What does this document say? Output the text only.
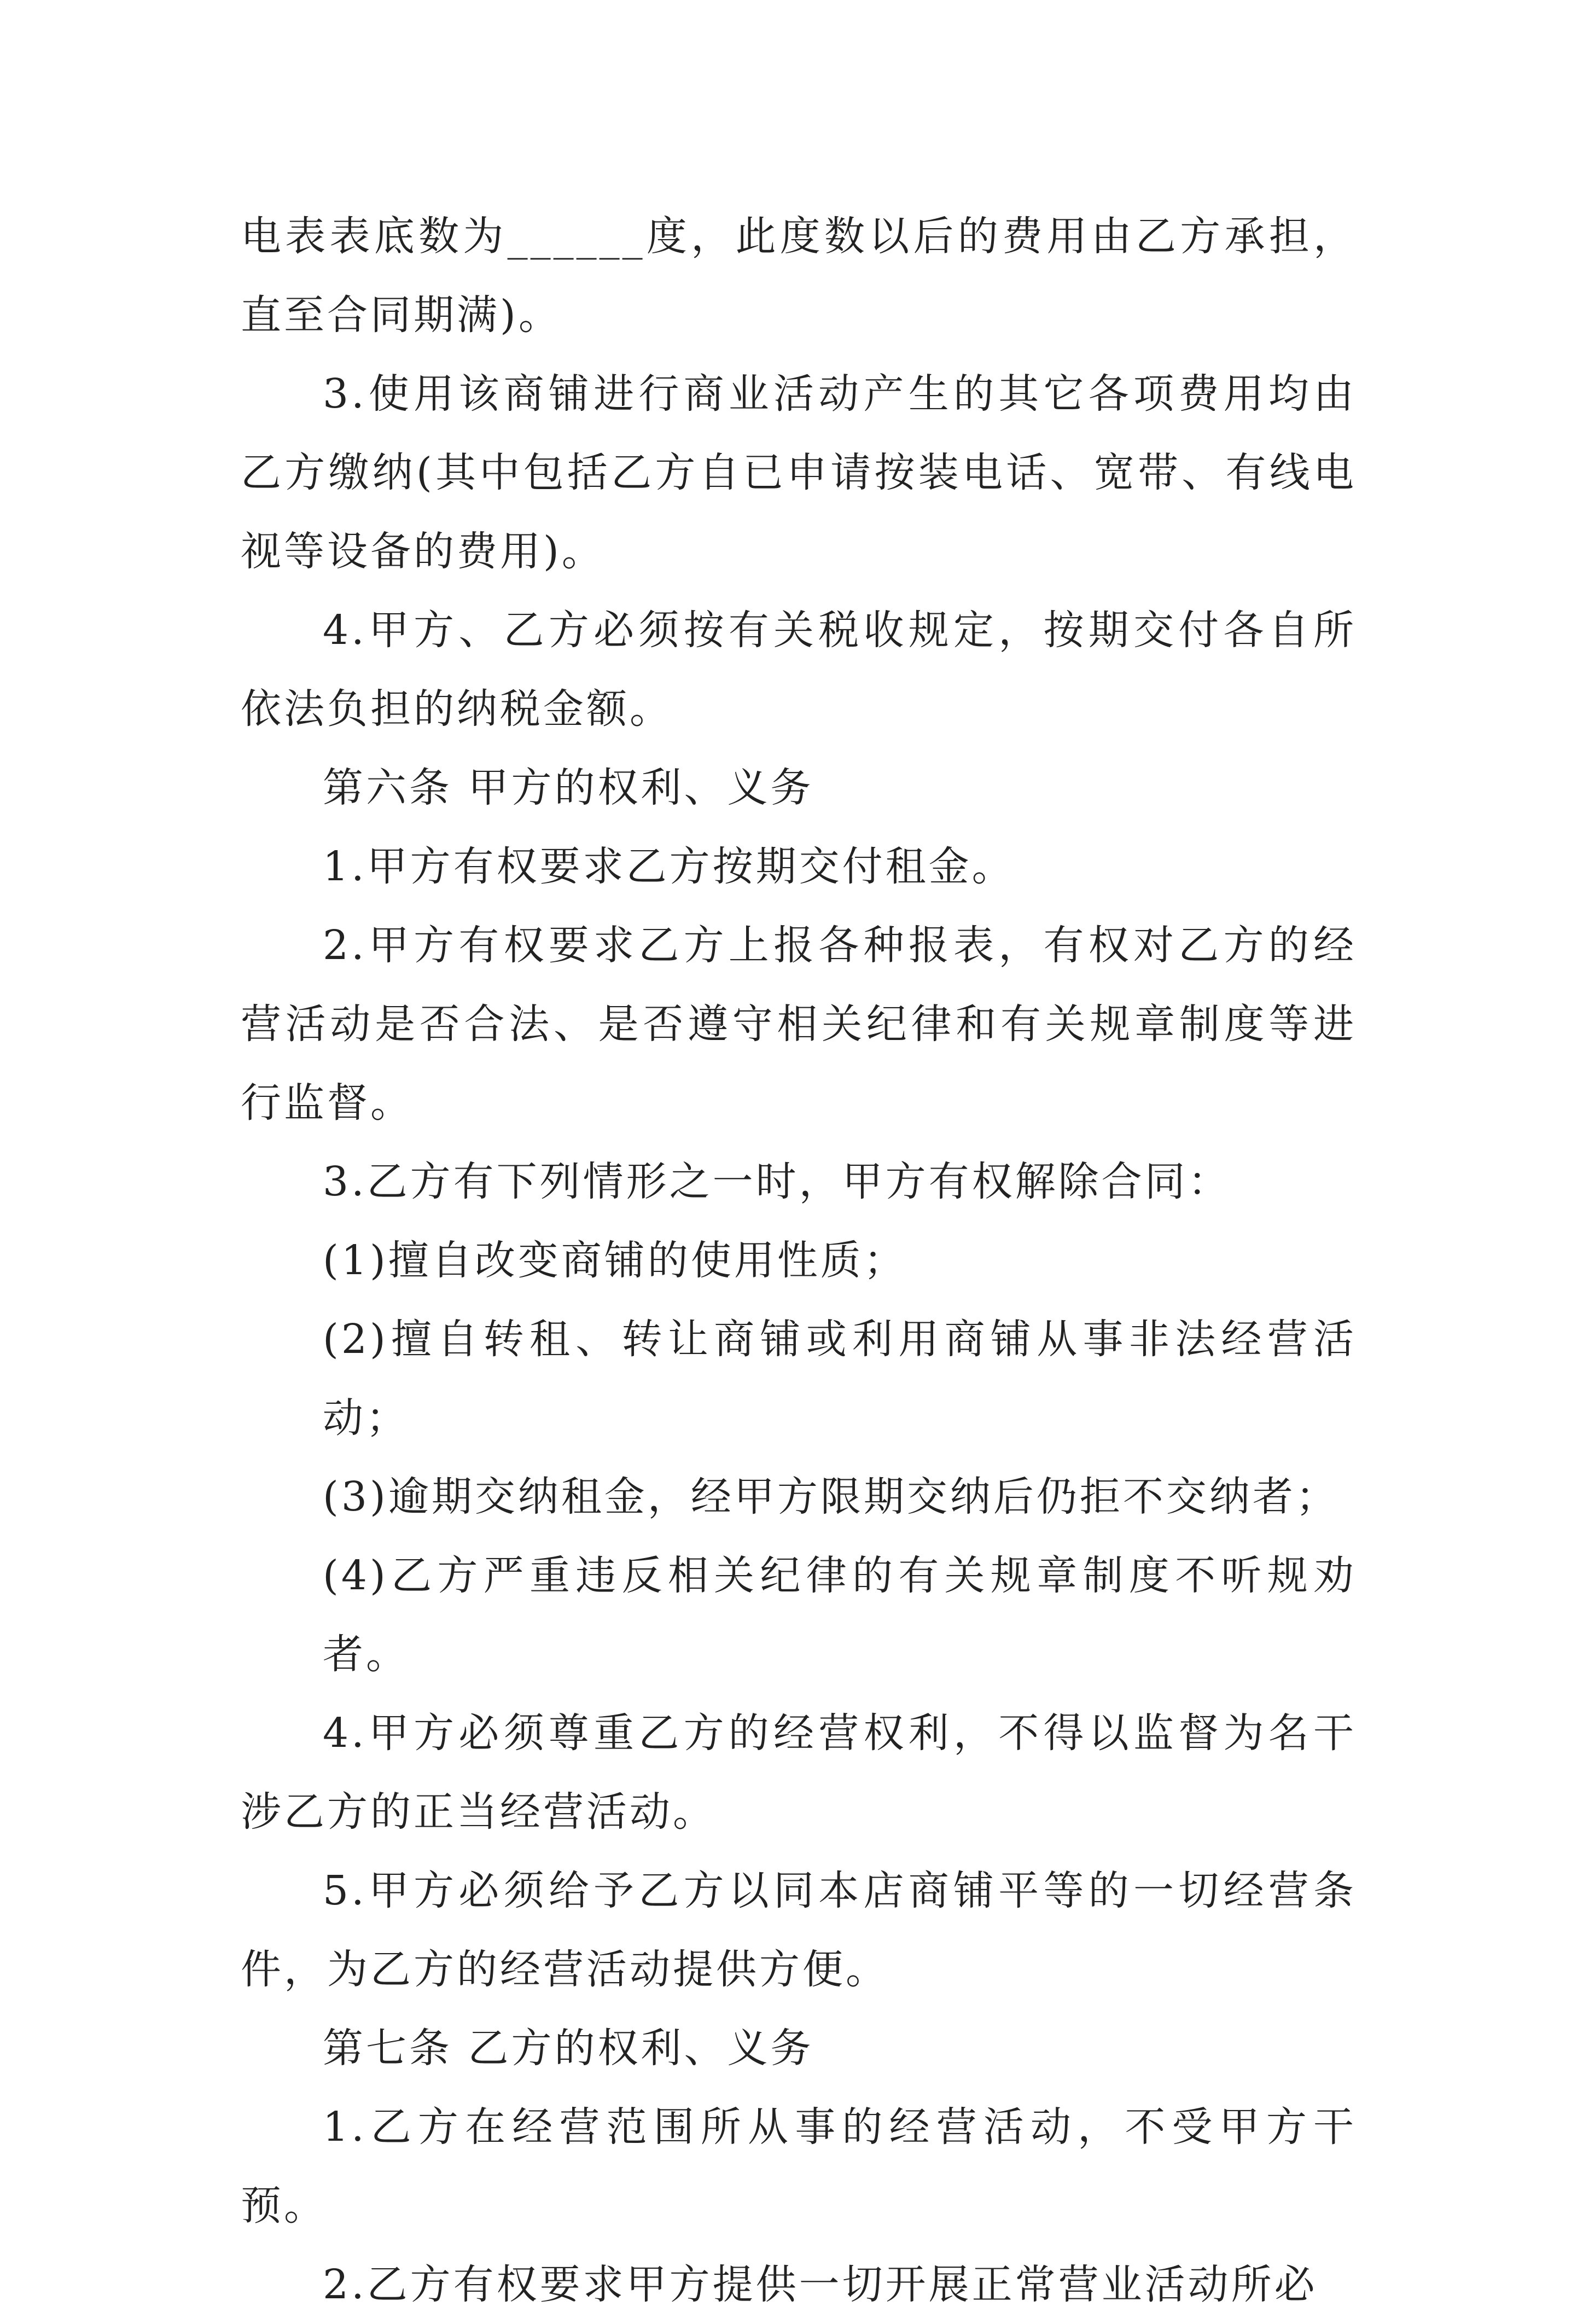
电表表底数为______度，此度数以后的费用由乙方承担，直至合同期满)。

3.使用该商铺进行商业活动产生的其它各项费用均由乙方缴纳(其中包括乙方自已申请按装电话、宽带、有线电视等设备的费用)。

4.甲方、乙方必须按有关税收规定，按期交付各自所依法负担的纳税金额。

第六条 甲方的权利、义务

1.甲方有权要求乙方按期交付租金。

2.甲方有权要求乙方上报各种报表，有权对乙方的经营活动是否合法、是否遵守相关纪律和有关规章制度等进行监督。

3.乙方有下列情形之一时，甲方有权解除合同：

(1)擅自改变商铺的使用性质；

(2)擅自转租、转让商铺或利用商铺从事非法经营活动；

(3)逾期交纳租金，经甲方限期交纳后仍拒不交纳者；

(4)乙方严重违反相关纪律的有关规章制度不听规劝者。

4.甲方必须尊重乙方的经营权利，不得以监督为名干涉乙方的正当经营活动。

5.甲方必须给予乙方以同本店商铺平等的一切经营条件，为乙方的经营活动提供方便。

第七条 乙方的权利、义务

1.乙方在经营范围所从事的经营活动，不受甲方干预。

2.乙方有权要求甲方提供一切开展正常营业活动所必
